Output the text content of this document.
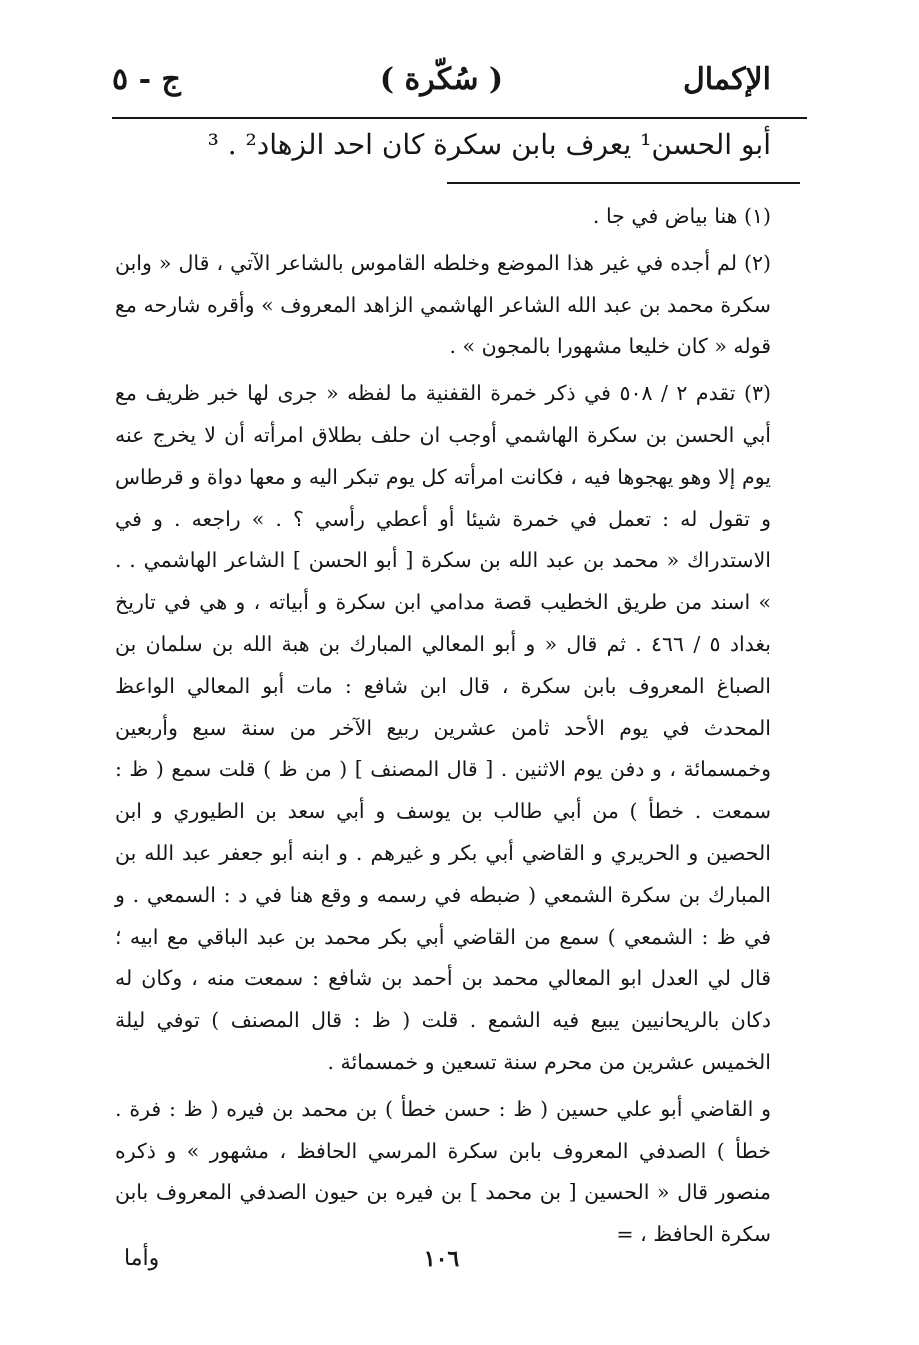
الإكمال
( سُكّرة )
ج - ٥
أبو الحسن¹ يعرف بابن سكرة كان احد الزهاد² . ³

(١) هنا بياض في جا .

(٢) لم أجده في غير هذا الموضع وخلطه القاموس بالشاعر الآتي ، قال « وابن سكرة محمد بن عبد الله الشاعر الهاشمي الزاهد المعروف » وأقره شارحه مع قوله « كان خليعا مشهورا بالمجون » .

(٣) تقدم ٢ / ٥٠٨ في ذكر خمرة القفنية ما لفظه « جرى لها خبر ظريف مع أبي الحسن بن سكرة الهاشمي أوجب ان حلف بطلاق امرأته أن لا يخرج عنه يوم إلا وهو يهجوها فيه ، فكانت امرأته كل يوم تبكر اليه و معها دواة و قرطاس و تقول له : تعمل في خمرة شيئا أو أعطي رأسي ؟ . » راجعه . و في الاستدراك « محمد بن عبد الله بن سكرة [ أبو الحسن ] الشاعر الهاشمي . . » اسند من طريق الخطيب قصة مدامي ابن سكرة و أبياته ، و هي في تاريخ بغداد ٥ / ٤٦٦ . ثم قال « و أبو المعالي المبارك بن هبة الله بن سلمان بن الصباغ المعروف بابن سكرة ، قال ابن شافع : مات أبو المعالي الواعظ المحدث في يوم الأحد ثامن عشرين ربيع الآخر من سنة سبع وأربعين وخمسمائة ، و دفن يوم الاثنين . [ قال المصنف ] ( من ظ ) قلت سمع ( ظ : سمعت . خطأ ) من أبي طالب بن يوسف و أبي سعد بن الطيوري و ابن الحصين و الحريري و القاضي أبي بكر و غيرهم . و ابنه أبو جعفر عبد الله بن المبارك بن سكرة الشمعي ( ضبطه في رسمه و وقع هنا في د : السمعي . و في ظ : الشمعي ) سمع من القاضي أبي بكر محمد بن عبد الباقي مع ابيه ؛ قال لي العدل ابو المعالي محمد بن أحمد بن شافع : سمعت منه ، وكان له دكان بالريحانيين يبيع فيه الشمع . قلت ( ظ : قال المصنف ) توفي ليلة الخميس عشرين من محرم سنة تسعين و خمسمائة .

و القاضي أبو علي حسين ( ظ : حسن خطأ ) بن محمد بن فيره ( ظ : فرة . خطأ ) الصدفي المعروف بابن سكرة المرسي الحافظ ، مشهور » و ذكره منصور قال « الحسين [ بن محمد ] بن فيره بن حيون الصدفي المعروف بابن سكرة الحافظ ، =

١٠٦
وأما
